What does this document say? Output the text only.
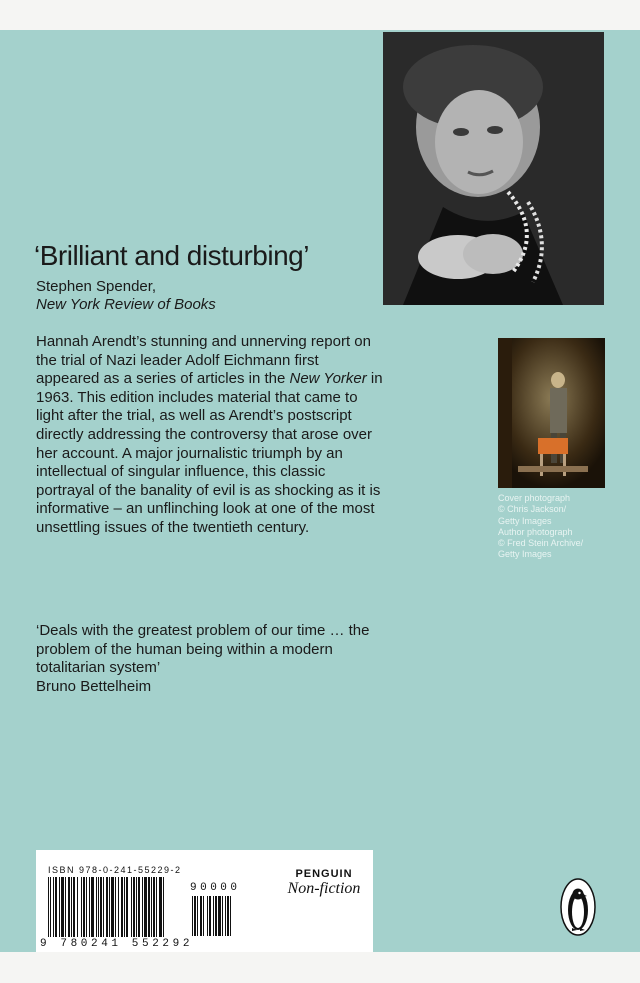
‘Brilliant and disturbing’
Stephen Spender,
New York Review of Books

Hannah Arendt’s stunning and unnerving report on the trial of Nazi leader Adolf Eichmann first appeared as a series of articles in the New Yorker in 1963. This edition includes material that came to light after the trial, as well as Arendt’s postscript directly addressing the controversy that arose over her account. A major journalistic triumph by an intellectual of singular influence, this classic portrayal of the banality of evil is as shocking as it is informative – an unflinching look at one of the most unsettling issues of the twentieth century.

‘Deals with the greatest problem of our time … the problem of the human being within a modern totalitarian system’
Bruno Bettelheim

Cover photograph
© Chris Jackson/
Getty Images
Author photograph
© Fred Stein Archive/
Getty Images

ISBN 978-0-241-55229-2
9 780241 552292
90000
PENGUIN
Non-fiction
